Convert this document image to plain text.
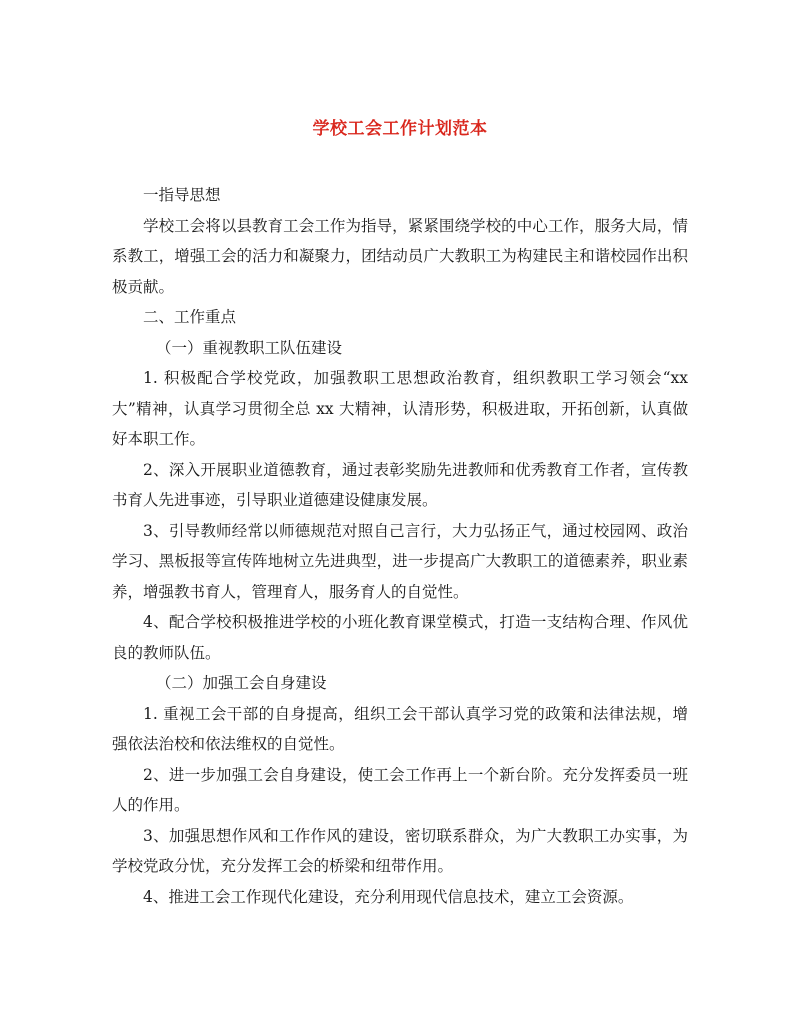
学校工会工作计划范本

一指导思想

学校工会将以县教育工会工作为指导，紧紧围绕学校的中心工作，服务大局，情系教工，增强工会的活力和凝聚力，团结动员广大教职工为构建民主和谐校园作出积极贡献。

二、工作重点

（一）重视教职工队伍建设

1. 积极配合学校党政，加强教职工思想政治教育，组织教职工学习领会“xx大”精神，认真学习贯彻全总 xx 大精神，认清形势，积极进取，开拓创新，认真做好本职工作。

2、深入开展职业道德教育，通过表彰奖励先进教师和优秀教育工作者，宣传教书育人先进事迹，引导职业道德建设健康发展。

3、引导教师经常以师德规范对照自己言行，大力弘扬正气，通过校园网、政治学习、黑板报等宣传阵地树立先进典型，进一步提高广大教职工的道德素养，职业素养，增强教书育人，管理育人，服务育人的自觉性。

4、配合学校积极推进学校的小班化教育课堂模式，打造一支结构合理、作风优良的教师队伍。

（二）加强工会自身建设

1. 重视工会干部的自身提高，组织工会干部认真学习党的政策和法律法规，增强依法治校和依法维权的自觉性。

2、进一步加强工会自身建设，使工会工作再上一个新台阶。充分发挥委员一班人的作用。

3、加强思想作风和工作作风的建设，密切联系群众，为广大教职工办实事，为学校党政分忧，充分发挥工会的桥梁和纽带作用。

4、推进工会工作现代化建设，充分利用现代信息技术，建立工会资源。
